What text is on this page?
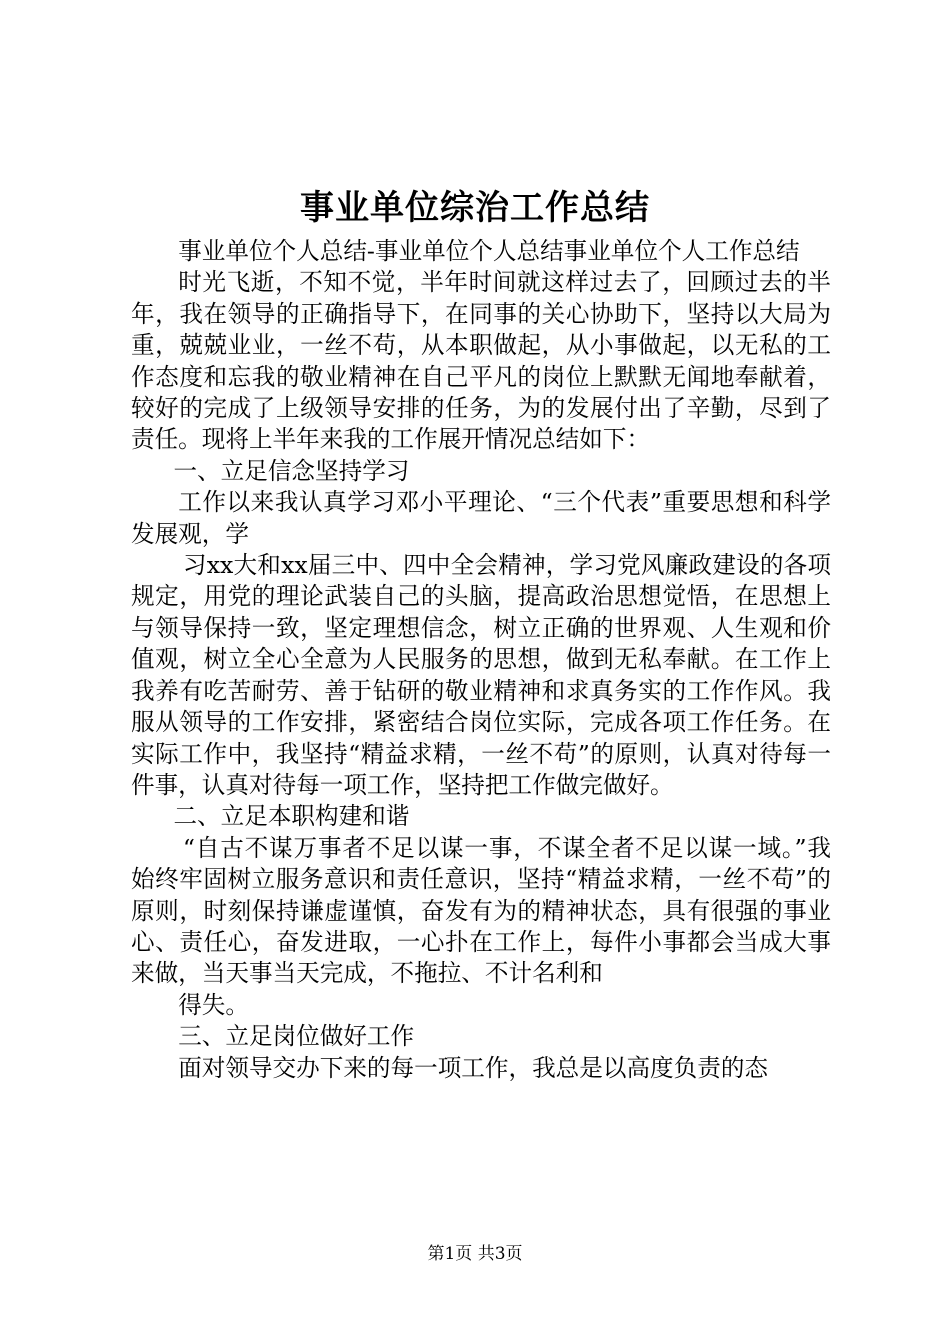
事业单位综治工作总结

事业单位个人总结-事业单位个人总结事业单位个人工作总结

时光飞逝，不知不觉，半年时间就这样过去了，回顾过去的半年，我在领导的正确指导下，在同事的关心协助下，坚持以大局为重，兢兢业业，一丝不苟，从本职做起，从小事做起，以无私的工作态度和忘我的敬业精神在自己平凡的岗位上默默无闻地奉献着，较好的完成了上级领导安排的任务，为的发展付出了辛勤，尽到了责任。现将上半年来我的工作展开情况总结如下：

一、立足信念坚持学习

工作以来我认真学习邓小平理论、“三个代表”重要思想和科学发展观，学

习xx大和xx届三中、四中全会精神，学习党风廉政建设的各项规定，用党的理论武装自己的头脑，提高政治思想觉悟，在思想上与领导保持一致，坚定理想信念，树立正确的世界观、人生观和价值观，树立全心全意为人民服务的思想，做到无私奉献。在工作上我养有吃苦耐劳、善于钻研的敬业精神和求真务实的工作作风。我服从领导的工作安排，紧密结合岗位实际，完成各项工作任务。在实际工作中，我坚持“精益求精，一丝不苟”的原则，认真对待每一件事，认真对待每一项工作，坚持把工作做完做好。

二、立足本职构建和谐

“自古不谋万事者不足以谋一事，不谋全者不足以谋一域。”我始终牢固树立服务意识和责任意识，坚持“精益求精，一丝不苟”的原则，时刻保持谦虚谨慎，奋发有为的精神状态，具有很强的事业心、责任心，奋发进取，一心扑在工作上，每件小事都会当成大事来做，当天事当天完成，不拖拉、不计名利和

得失。

三、立足岗位做好工作

面对领导交办下来的每一项工作，我总是以高度负责的态

第1页 共3页
